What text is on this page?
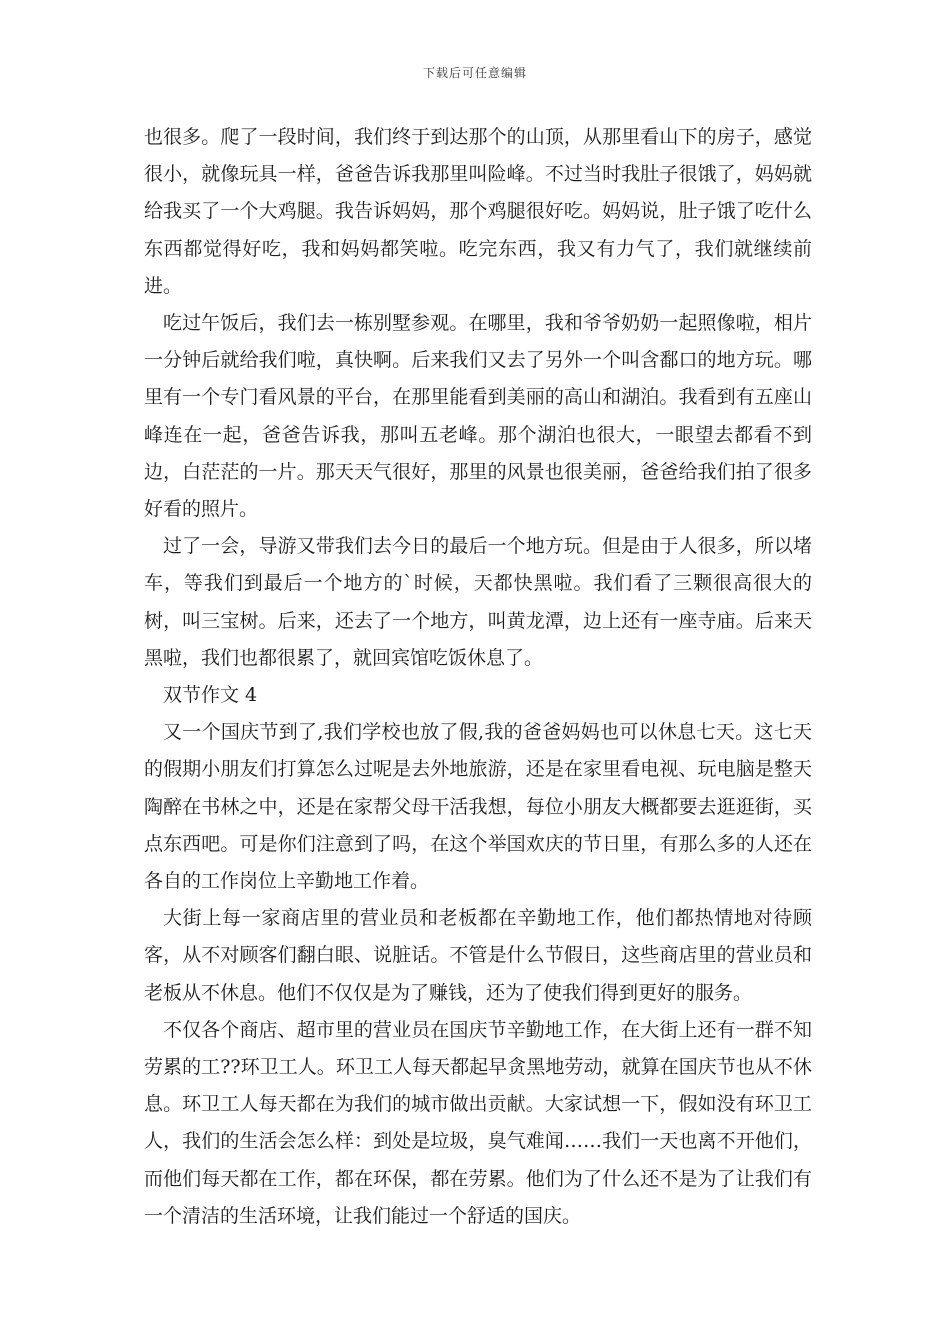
下载后可任意编辑

也很多。爬了一段时间，我们终于到达那个的山顶，从那里看山下的房子，感觉很小，就像玩具一样，爸爸告诉我那里叫险峰。不过当时我肚子很饿了，妈妈就给我买了一个大鸡腿。我告诉妈妈，那个鸡腿很好吃。妈妈说，肚子饿了吃什么东西都觉得好吃，我和妈妈都笑啦。吃完东西，我又有力气了，我们就继续前进。

吃过午饭后，我们去一栋别墅参观。在哪里，我和爷爷奶奶一起照像啦，相片一分钟后就给我们啦，真快啊。后来我们又去了另外一个叫含鄱口的地方玩。哪里有一个专门看风景的平台，在那里能看到美丽的高山和湖泊。我看到有五座山峰连在一起，爸爸告诉我，那叫五老峰。那个湖泊也很大，一眼望去都看不到边，白茫茫的一片。那天天气很好，那里的风景也很美丽，爸爸给我们拍了很多好看的照片。

过了一会，导游又带我们去今日的最后一个地方玩。但是由于人很多，所以堵车，等我们到最后一个地方的`时候，天都快黑啦。我们看了三颗很高很大的树，叫三宝树。后来，还去了一个地方，叫黄龙潭，边上还有一座寺庙。后来天黑啦，我们也都很累了，就回宾馆吃饭休息了。

双节作文 4

又一个国庆节到了,我们学校也放了假,我的爸爸妈妈也可以休息七天。这七天的假期小朋友们打算怎么过呢是去外地旅游，还是在家里看电视、玩电脑是整天陶醉在书林之中，还是在家帮父母干活我想，每位小朋友大概都要去逛逛街，买点东西吧。可是你们注意到了吗，在这个举国欢庆的节日里，有那么多的人还在各自的工作岗位上辛勤地工作着。

大街上每一家商店里的营业员和老板都在辛勤地工作，他们都热情地对待顾客，从不对顾客们翻白眼、说脏话。不管是什么节假日，这些商店里的营业员和老板从不休息。他们不仅仅是为了赚钱，还为了使我们得到更好的服务。

不仅各个商店、超市里的营业员在国庆节辛勤地工作，在大街上还有一群不知劳累的工??环卫工人。环卫工人每天都起早贪黑地劳动，就算在国庆节也从不休息。环卫工人每天都在为我们的城市做出贡献。大家试想一下，假如没有环卫工人，我们的生活会怎么样：到处是垃圾，臭气难闻……我们一天也离不开他们，而他们每天都在工作，都在环保，都在劳累。他们为了什么还不是为了让我们有一个清洁的生活环境，让我们能过一个舒适的国庆。
